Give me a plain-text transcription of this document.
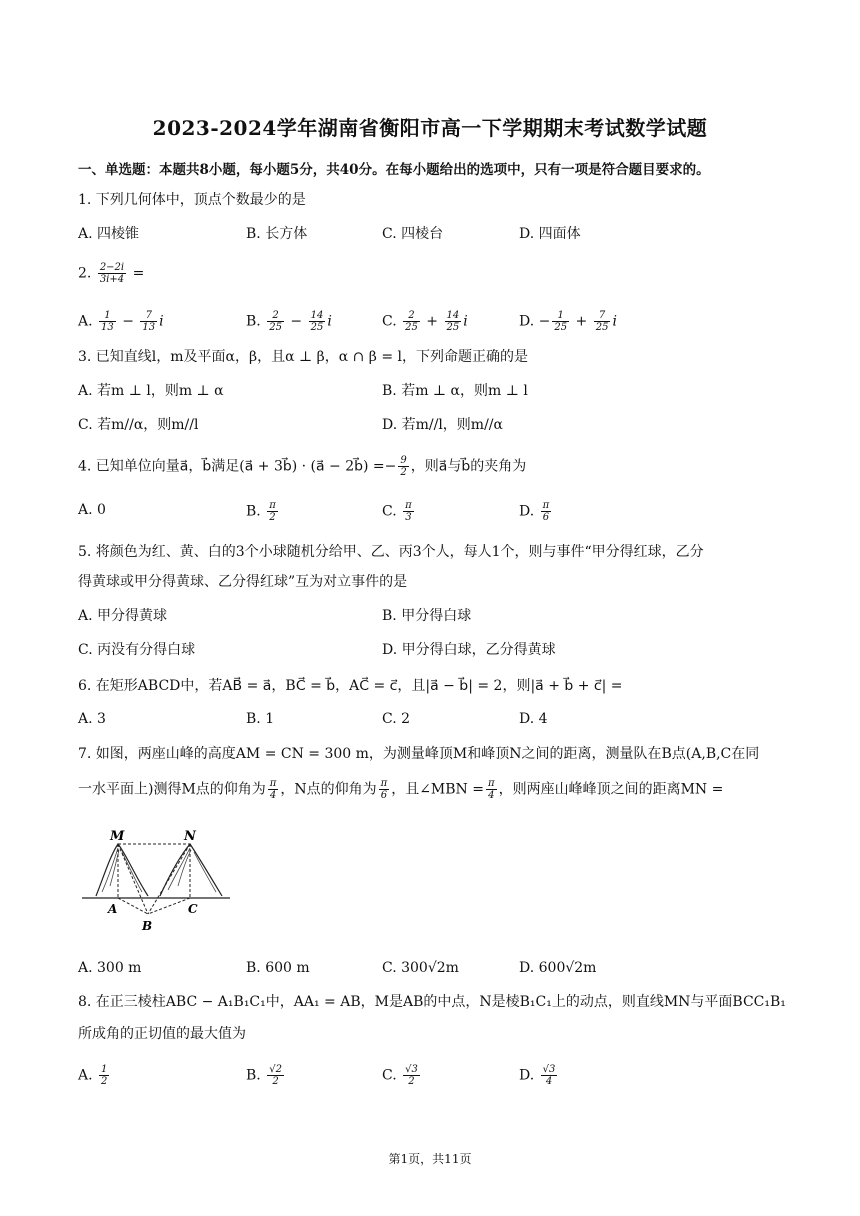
2023-2024学年湖南省衡阳市高一下学期期末考试数学试题
一、单选题：本题共8小题，每小题5分，共40分。在每小题给出的选项中，只有一项是符合题目要求的。
1. 下列几何体中，顶点个数最少的是
A. 四棱锥	B. 长方体	C. 四棱台	D. 四面体
2. $\frac{2-2i}{3i+4}$ =
A. $\frac{1}{13} - \frac{7}{13}$ i	B. $\frac{2}{25} - \frac{14}{25}$ i	C. $\frac{2}{25} + \frac{14}{25}$ i	D. − $\frac{1}{25} + \frac{7}{25}$ i
3. 已知直线l，m及平面α，β，且α ⊥ β，α ∩ β = l，下列命题正确的是
A. 若m ⊥ l，则m ⊥ α	B. 若m ⊥ α，则m ⊥ l
C. 若m//α，则m//l	D. 若m//l，则m//α
4. 已知单位向量a⃗，b⃗满足(a⃗ + 3b⃗) · (a⃗ − 2b⃗) =− $\frac{9}{2}$ ，则a⃗与b⃗的夹角为
A. 0	B. $\frac{\pi}{2}$	C. $\frac{\pi}{3}$	D. $\frac{\pi}{6}$
5. 将颜色为红、黄、白的3个小球随机分给甲、乙、丙3个人，每人1个，则与事件“甲分得红球，乙分
得黄球或甲分得黄球、乙分得红球”互为对立事件的是
A. 甲分得黄球	B. 甲分得白球
C. 丙没有分得白球	D. 甲分得白球，乙分得黄球
6. 在矩形ABCD中，若AB⃗ = a⃗，BC⃗ = b⃗，AC⃗ = c⃗，且|a⃗ − b⃗| = 2，则|a⃗ + b⃗ + c⃗| =
A. 3	B. 1	C. 2	D. 4
7. 如图，两座山峰的高度AM = CN = 300 m，为测量峰顶M和峰顶N之间的距离，测量队在B点(A,B,C在同
一水平面上)测得M点的仰角为 $\frac{\pi}{4}$ ，N点的仰角为 $\frac{\pi}{6}$ ，且∠MBN = $\frac{\pi}{4}$ ，则两座山峰峰顶之间的距离MN =
M	N
A
B
C
A. 300 m	B. 600 m	C. 300√2m	D. 600√2m
8. 在正三棱柱ABC − A₁B₁C₁中，AA₁ = AB，M是AB的中点，N是棱B₁C₁上的动点，则直线MN与平面BCC₁B₁
所成角的正切值的最大值为
A. $\frac{1}{2}$	B. $\frac{√2}{2}$	C. $\frac{√3}{2}$	D. $\frac{√3}{4}$
第1页，共11页
